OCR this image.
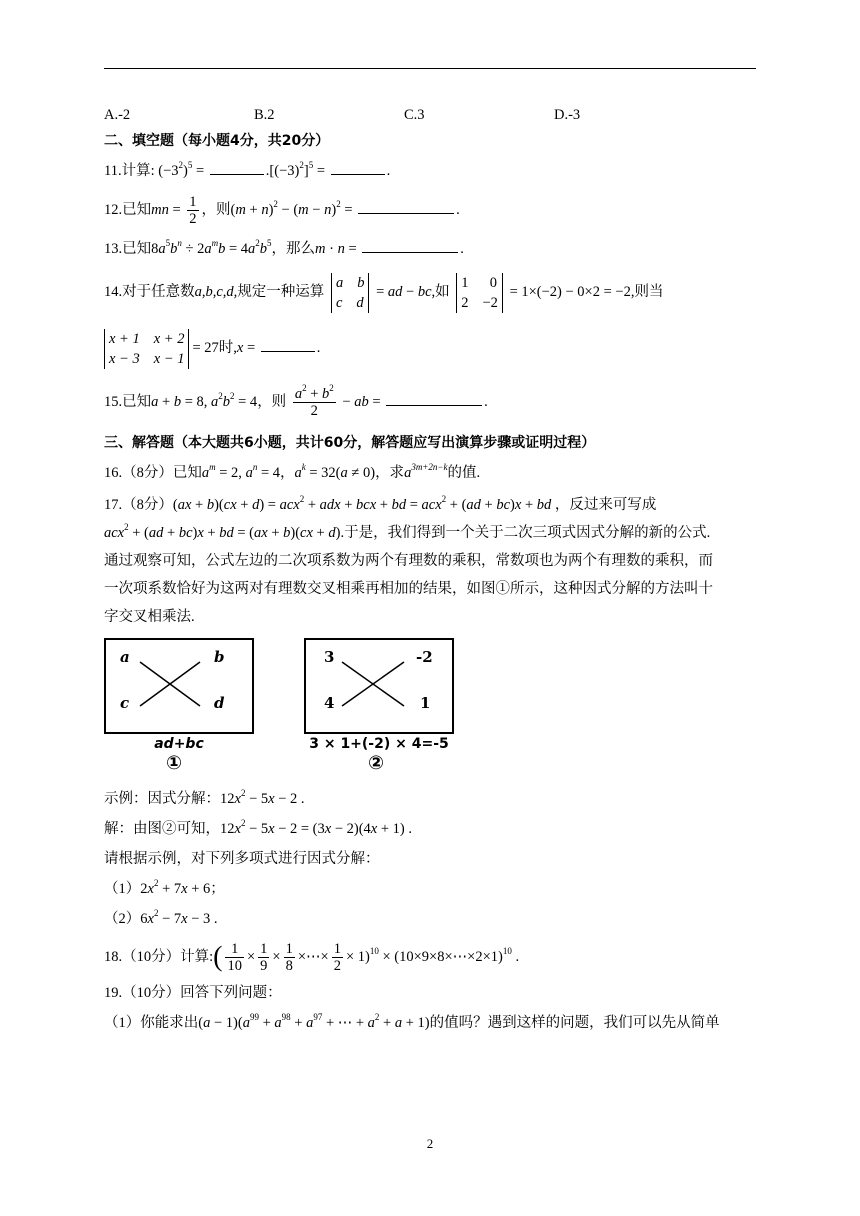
A.-2	B.2	C.3	D.-3
二、填空题（每小题4分，共20分）
11.计算: $(-3^2)^5$ =	$.[(-3)^2]^5$ =	.
12.已知mn = $\frac{1}{2}$ ，则$(m + n)^2 - (m - n)^2$ =	.
13.已知$8a^5b^n \div 2a^mb = 4a^2b^5$，那么m · n =	.
14.对于任意数a,b,c,d,规定一种运算
a b
c d
= ad − bc,如
1 0
2 −2
= 1×(−2) − 0×2 = −2,则当
x + 1 x + 2
x − 3 x − 1
= 27时,x =	.
15.已知a + b = 8, $a^2b^2 = 4$，则 $\frac{a^2 + b^2}{2}$ − ab =	.
三、解答题（本大题共6小题，共计60分，解答题应写出演算步骤或证明过程）
16.（8分）已知$a^m = 2$, $a^n = 4$，$a^k = 32(a \ne 0)$，求$a^{3m+2n-k}$的值.
17.（8分）(ax + b)(cx + d) = acx$^2$ + adx + bcx + bd = acx$^2$ + (ad + bc)x + bd ，反过来可写成
acx$^2$ + (ad + bc)x + bd = (ax + b)(cx + d).于是，我们得到一个关于二次三项式因式分解的新的公式.
通过观察可知，公式左边的二次项系数为两个有理数的乘积，常数项也为两个有理数的乘积，而
一次项系数恰好为这两对有理数交叉相乘再相加的结果，如图①所示，这种因式分解的方法叫十
字交叉相乘法.
a	b
c	d
ad+bc
①
3	-2
4	1
3 × 1+(-2) × 4=-5
②
示例：因式分解：$12x^2 - 5x - 2$ .
解：由图②可知，$12x^2 - 5x - 2 = (3x - 2)(4x + 1)$ .
请根据示例，对下列多项式进行因式分解：
$(1)2x^2 + 7x + 6$；
$(2)6x^2 - 7x - 3$ .
18.（10分）计算:( $\frac{1}{10} \times \frac{1}{9} \times \frac{1}{8}$ ×⋯× $\frac{1}{2} \times 1)^{10}$ × (10×9×8×⋯×2×1)$^{10}$ .
19.（10分）回答下列问题：
（1）你能求出$(a - 1)(a^{99} + a^{98} + a^{97}$ + ⋯ + $a^2 + a + 1$)的值吗？遇到这样的问题，我们可以先从简单
2
